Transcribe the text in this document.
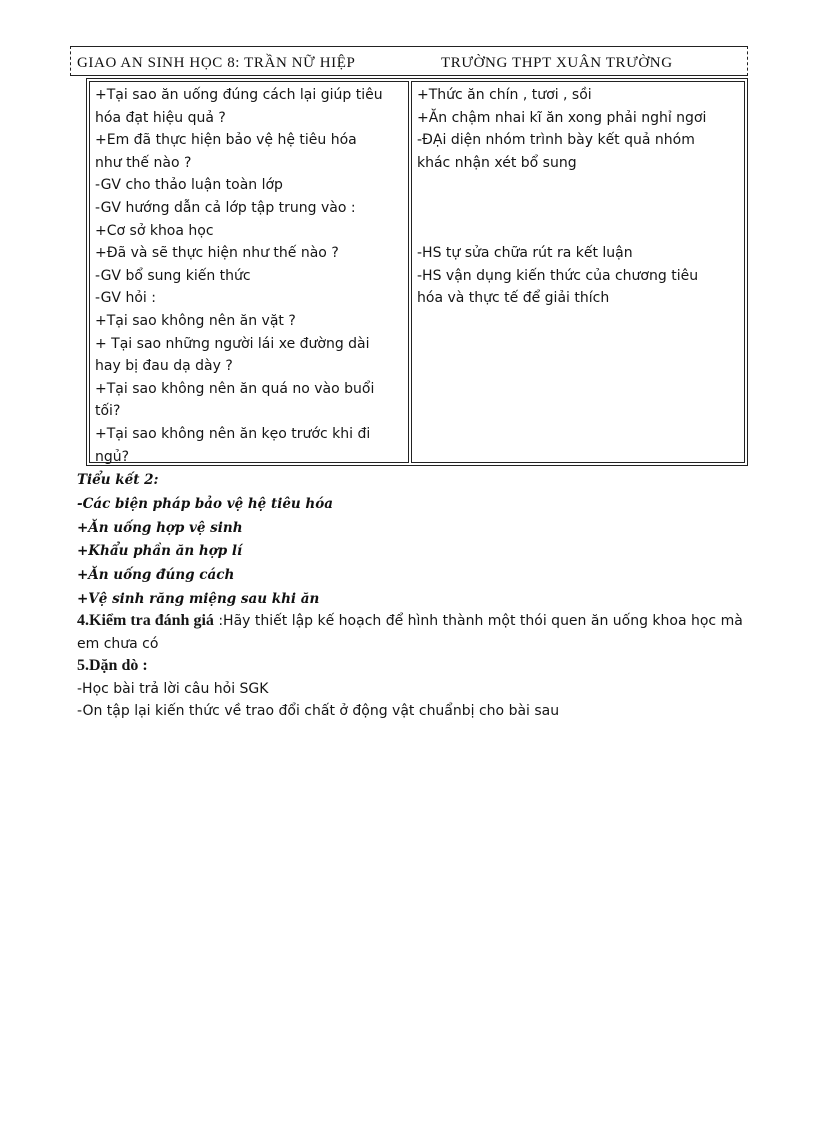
GIAO AN SINH HỌC 8: TRẦN NỮ HIỆP	TRƯỜNG THPT XUÂN TRƯỜNG
+Tại sao ăn uống đúng cách lại giúp tiêu
hóa đạt hiệu quả ?
+Em đã thực hiện bảo vệ hệ tiêu hóa
như thế nào ?
-GV cho thảo luận toàn lớp
-GV hướng dẫn cả lớp tập trung vào :
+Cơ sở khoa học
+Đã và sẽ thực hiện như thế nào ?
-GV bổ sung kiến thức
-GV hỏi :
+Tại sao không nên ăn vặt ?
+ Tại sao những người lái xe đường dài
hay bị đau dạ dày ?
+Tại sao không nên ăn quá no vào buổi
tối?
+Tại sao không nên ăn kẹo trước khi đi
ngủ?
+Thức ăn chín , tươi , sồi
+Ăn chậm nhai kĩ ăn xong phải nghỉ ngơi
-ĐẠi diện nhóm trình bày kết quả nhóm
khác nhận xét bổ sung
-HS tự sửa chữa rút ra kết luận
-HS vận dụng kiến thức của chương tiêu
hóa và thực tế để giải thích
Tiểu kết 2:
-Các biện pháp bảo vệ hệ tiêu hóa
+Ăn uống hợp vệ sinh
+Khẩu phần ăn hợp lí
+Ăn uống đúng cách
+Vệ sinh răng miệng sau khi ăn
4.Kiểm tra đánh giá :Hãy thiết lập kế hoạch để hình thành một thói quen ăn uống khoa học mà em chưa có
5.Dặn dò :
-Học bài trả lời câu hỏi SGK
-On tập lại kiến thức về trao đổi chất ở động vật chuẩnbị cho bài sau
